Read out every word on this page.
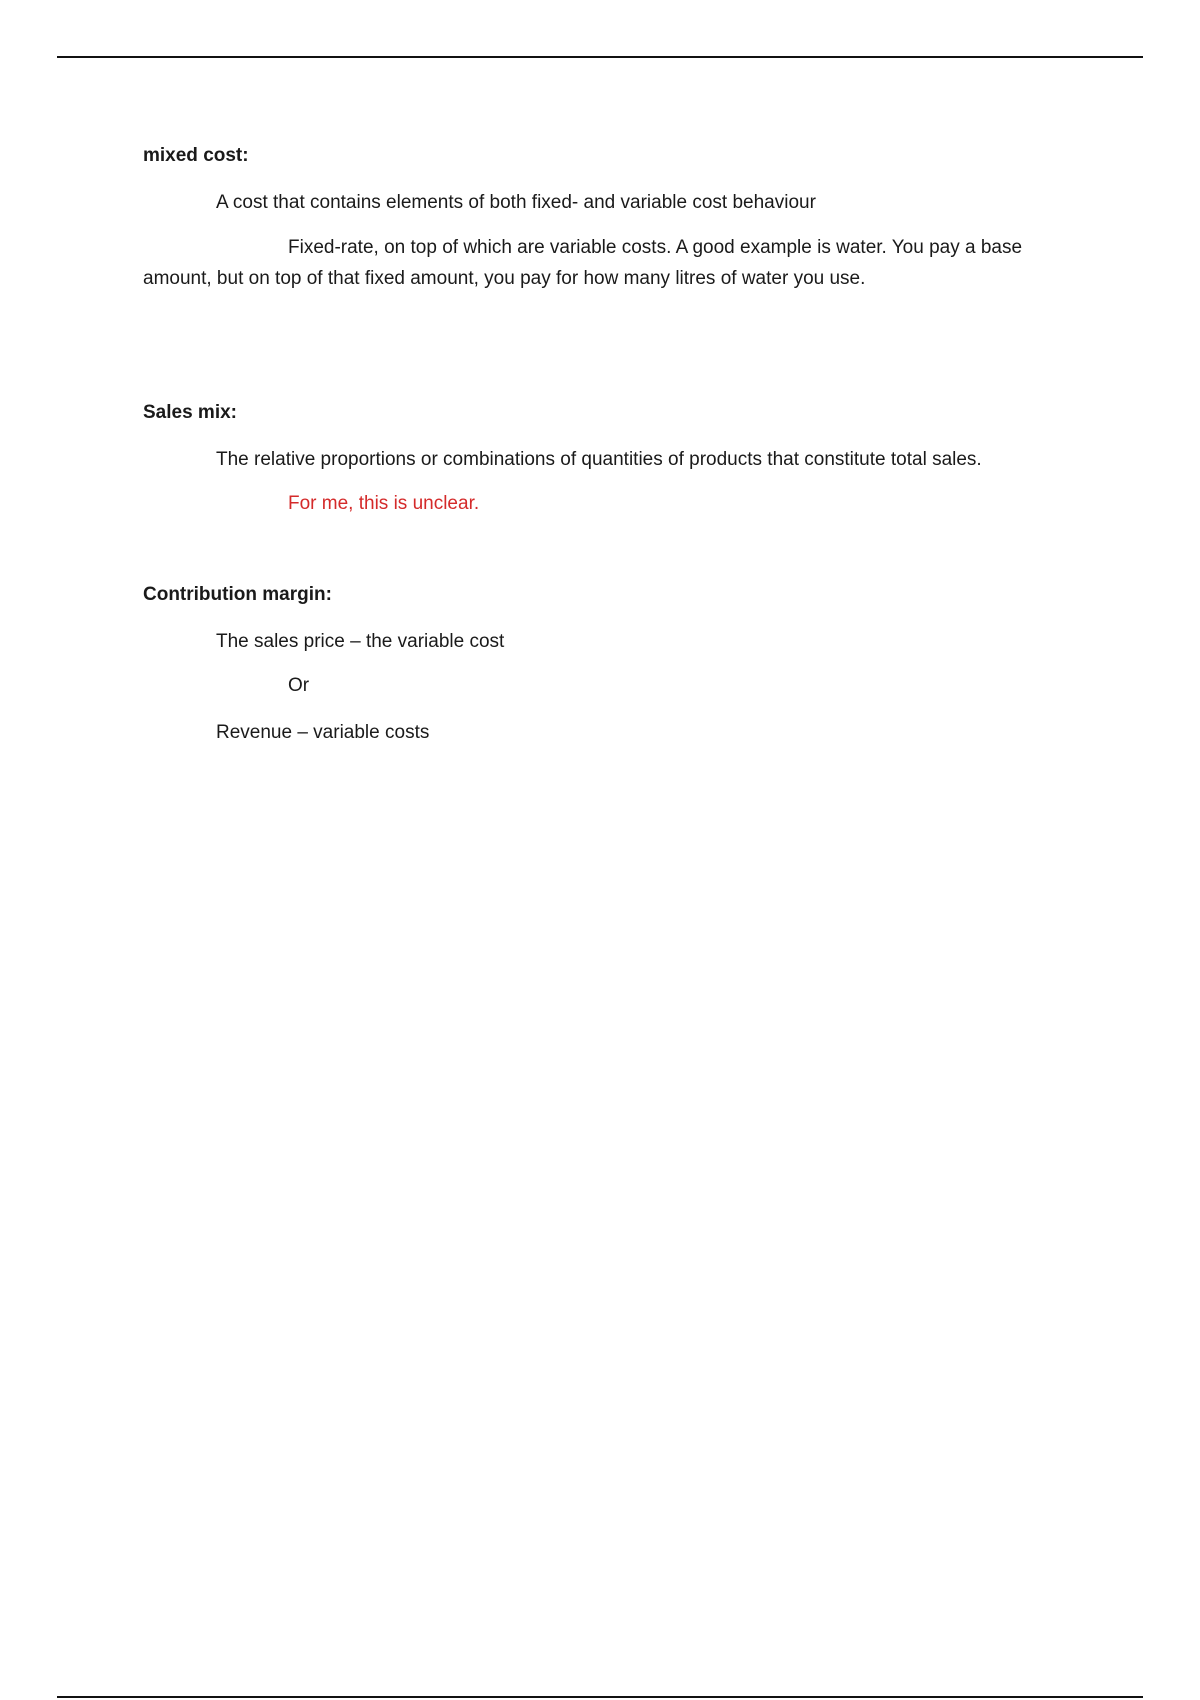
mixed cost:
A cost that contains elements of both fixed- and variable cost behaviour
Fixed-rate, on top of which are variable costs. A good example is water. You pay a base amount, but on top of that fixed amount, you pay for how many litres of water you use.
Sales mix:
The relative proportions or combinations of quantities of products that constitute total sales.
For me, this is unclear.
Contribution margin:
The sales price – the variable cost
Or
Revenue – variable costs
